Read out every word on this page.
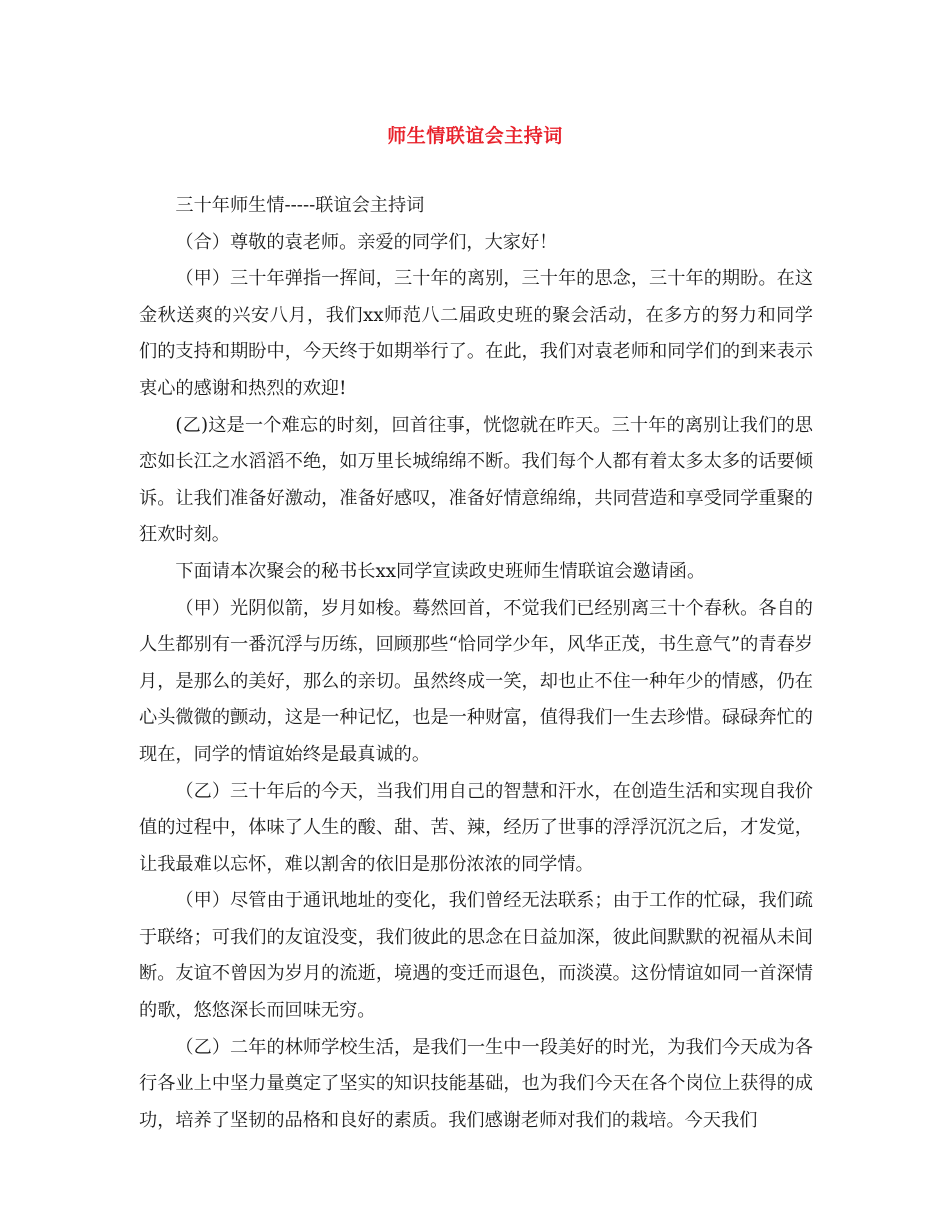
师生情联谊会主持词

三十年师生情-----联谊会主持词

（合）尊敬的袁老师。亲爱的同学们，大家好！

（甲）三十年弹指一挥间，三十年的离别，三十年的思念，三十年的期盼。在这金秋送爽的兴安八月，我们xx师范八二届政史班的聚会活动，在多方的努力和同学们的支持和期盼中，今天终于如期举行了。在此，我们对袁老师和同学们的到来表示衷心的感谢和热烈的欢迎!

(乙)这是一个难忘的时刻，回首往事，恍惚就在昨天。三十年的离别让我们的思恋如长江之水滔滔不绝，如万里长城绵绵不断。我们每个人都有着太多太多的话要倾诉。让我们准备好激动，准备好感叹，准备好情意绵绵，共同营造和享受同学重聚的狂欢时刻。

下面请本次聚会的秘书长xx同学宣读政史班师生情联谊会邀请函。

（甲）光阴似箭，岁月如梭。蓦然回首，不觉我们已经别离三十个春秋。各自的人生都别有一番沉浮与历练，回顾那些“恰同学少年，风华正茂，书生意气”的青春岁月，是那么的美好，那么的亲切。虽然终成一笑，却也止不住一种年少的情感，仍在心头微微的颤动，这是一种记忆，也是一种财富，值得我们一生去珍惜。碌碌奔忙的现在，同学的情谊始终是最真诚的。

（乙）三十年后的今天，当我们用自己的智慧和汗水，在创造生活和实现自我价值的过程中，体味了人生的酸、甜、苦、辣，经历了世事的浮浮沉沉之后，才发觉，让我最难以忘怀，难以割舍的依旧是那份浓浓的同学情。

（甲）尽管由于通讯地址的变化，我们曾经无法联系；由于工作的忙碌，我们疏于联络；可我们的友谊没变，我们彼此的思念在日益加深，彼此间默默的祝福从未间断。友谊不曾因为岁月的流逝，境遇的变迁而退色，而淡漠。这份情谊如同一首深情的歌，悠悠深长而回味无穷。

（乙）二年的林师学校生活，是我们一生中一段美好的时光，为我们今天成为各行各业上中坚力量奠定了坚实的知识技能基础，也为我们今天在各个岗位上获得的成功，培养了坚韧的品格和良好的素质。我们感谢老师对我们的栽培。今天我们
